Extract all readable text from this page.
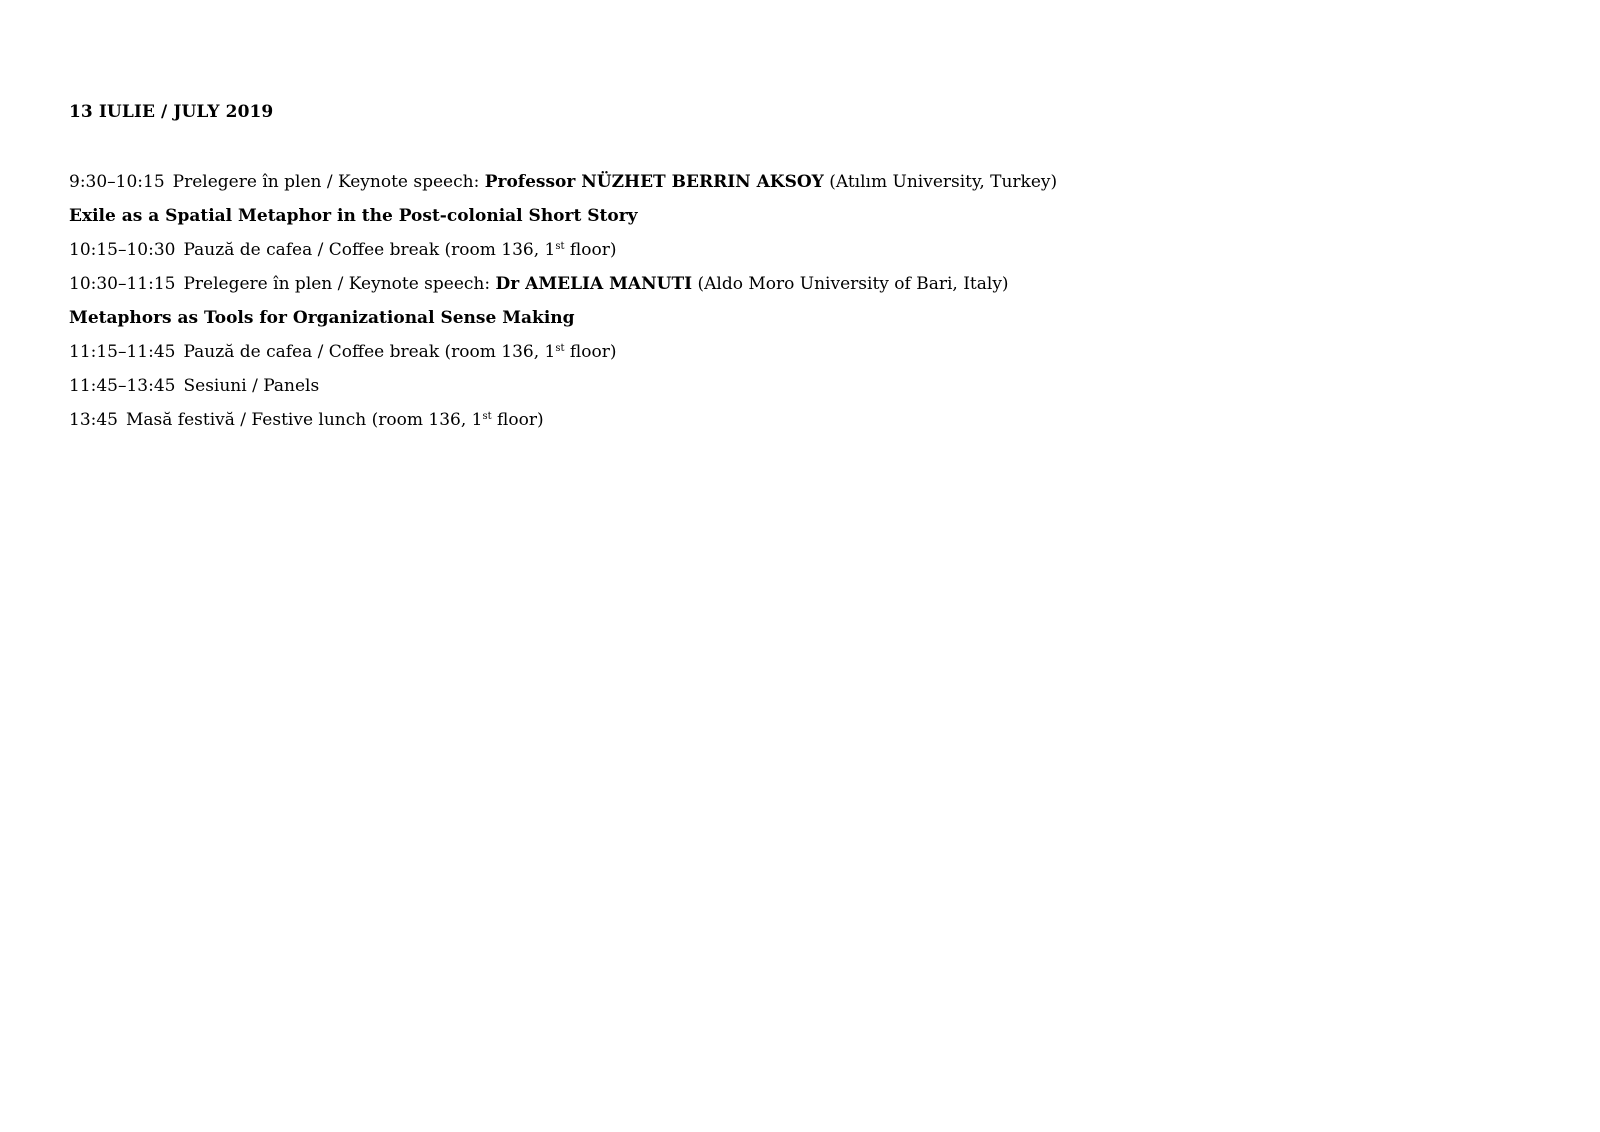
13 IULIE / JULY 2019
9:30–10:15 Prelegere în plen / Keynote speech: Professor NÜZHET BERRIN AKSOY (Atılım University, Turkey)
Exile as a Spatial Metaphor in the Post-colonial Short Story
10:15–10:30 Pauză de cafea / Coffee break (room 136, 1st floor)
10:30–11:15 Prelegere în plen / Keynote speech: Dr AMELIA MANUTI (Aldo Moro University of Bari, Italy)
Metaphors as Tools for Organizational Sense Making
11:15–11:45 Pauză de cafea / Coffee break (room 136, 1st floor)
11:45–13:45 Sesiuni / Panels
13:45 Masă festivă / Festive lunch (room 136, 1st floor)
